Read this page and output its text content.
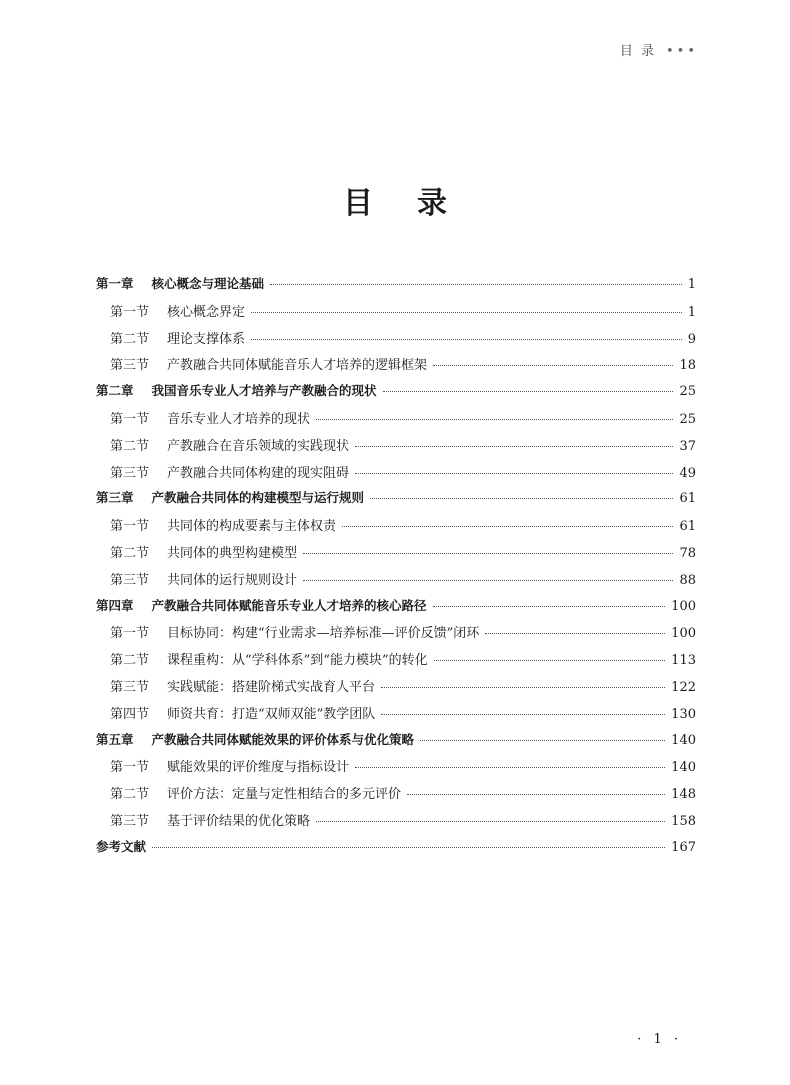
目 录 •••
目录
第一章 核心概念与理论基础	1
第一节 核心概念界定	1
第二节 理论支撑体系	9
第三节 产教融合共同体赋能音乐人才培养的逻辑框架	18
第二章 我国音乐专业人才培养与产教融合的现状	25
第一节 音乐专业人才培养的现状	25
第二节 产教融合在音乐领域的实践现状	37
第三节 产教融合共同体构建的现实阻碍	49
第三章 产教融合共同体的构建模型与运行规则	61
第一节 共同体的构成要素与主体权责	61
第二节 共同体的典型构建模型	78
第三节 共同体的运行规则设计	88
第四章 产教融合共同体赋能音乐专业人才培养的核心路径	100
第一节 目标协同：构建“行业需求—培养标准—评价反馈”闭环	100
第二节 课程重构：从“学科体系”到“能力模块”的转化	113
第三节 实践赋能：搭建阶梯式实战育人平台	122
第四节 师资共育：打造“双师双能”教学团队	130
第五章 产教融合共同体赋能效果的评价体系与优化策略	140
第一节 赋能效果的评价维度与指标设计	140
第二节 评价方法：定量与定性相结合的多元评价	148
第三节 基于评价结果的优化策略	158
参考文献	167
· 1 ·
